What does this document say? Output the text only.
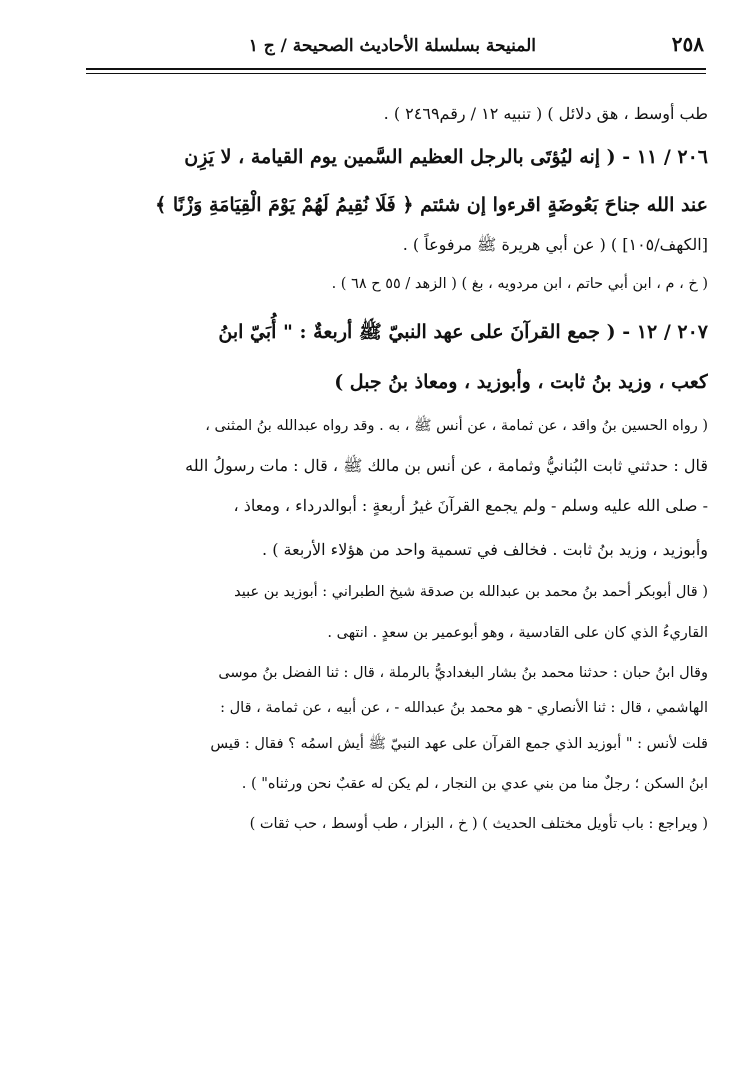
المنيحة بسلسلة الأحاديث الصحيحة / ج ١	٢٥٨
طب أوسط ، هق دلائل ) ( تنبيه ١٢ / رقم٢٤٦٩ ) .
٢٠٦ / ١١ - ( إنه ليُؤتَى بالرجل العظيم السَّمين يوم القيامة ، لا يَزِن
عند الله جناحَ بَعُوضَةٍ اقرءوا إن شئتم ﴿ فَلَا نُقِيمُ لَهُمْ يَوْمَ الْقِيَامَةِ وَزْنًا ﴾
[الكهف/١٠٥] ) ( عن أبي هريرة ﷺ مرفوعاً ) .
( خ ، م ، ابن أبي حاتم ، ابن مردويه ، بغ ) ( الزهد / ٥٥ ح ٦٨ ) .
٢٠٧ / ١٢ - ( جمع القرآنَ على عهد النبيّ ﷺ أربعةٌ : " أُبَيّ ابنُ
كعب ، وزيد بنُ ثابت ، وأبوزيد ، ومعاذ بنُ جبل )
( رواه الحسين بنُ واقد ، عن ثمامة ، عن أنس ﷺ ، به . وقد رواه عبدالله بنُ المثنى ،
قال : حدثني ثابت البُنانيُّ وثمامة ، عن أنس بن مالك ﷺ ، قال : مات رسولُ الله
- صلى الله عليه وسلم - ولم يجمع القرآنَ غيرُ أربعةٍ : أبوالدرداء ، ومعاذ ،
وأبوزيد ، وزيد بنُ ثابت . فخالف في تسمية واحد من هؤلاء الأربعة ) .
( قال أبوبكر أحمد بنُ محمد بن عبدالله بن صدقة شيخ الطبراني : أبوزيد بن عبيد
القاريءُ الذي كان على القادسية ، وهو أبوعمير بن سعدٍ . انتهى .
وقال ابنُ حبان : حدثنا محمد بنُ بشار البغداديُّ بالرملة ، قال : ثنا الفضل بنُ موسى
الهاشمي ، قال : ثنا الأنصاري - هو محمد بنُ عبدالله - ، عن أبيه ، عن ثمامة ، قال :
قلت لأنس : " أبوزيد الذي جمع القرآن على عهد النبيّ ﷺ أيش اسمُه ؟ فقال : قيس
ابنُ السكن ؛ رجلٌ منا من بني عدي بن النجار ، لم يكن له عقبٌ نحن ورثناه" ) .
( ويراجع : باب تأويل مختلف الحديث ) ( خ ، البزار ، طب أوسط ، حب ثقات )
